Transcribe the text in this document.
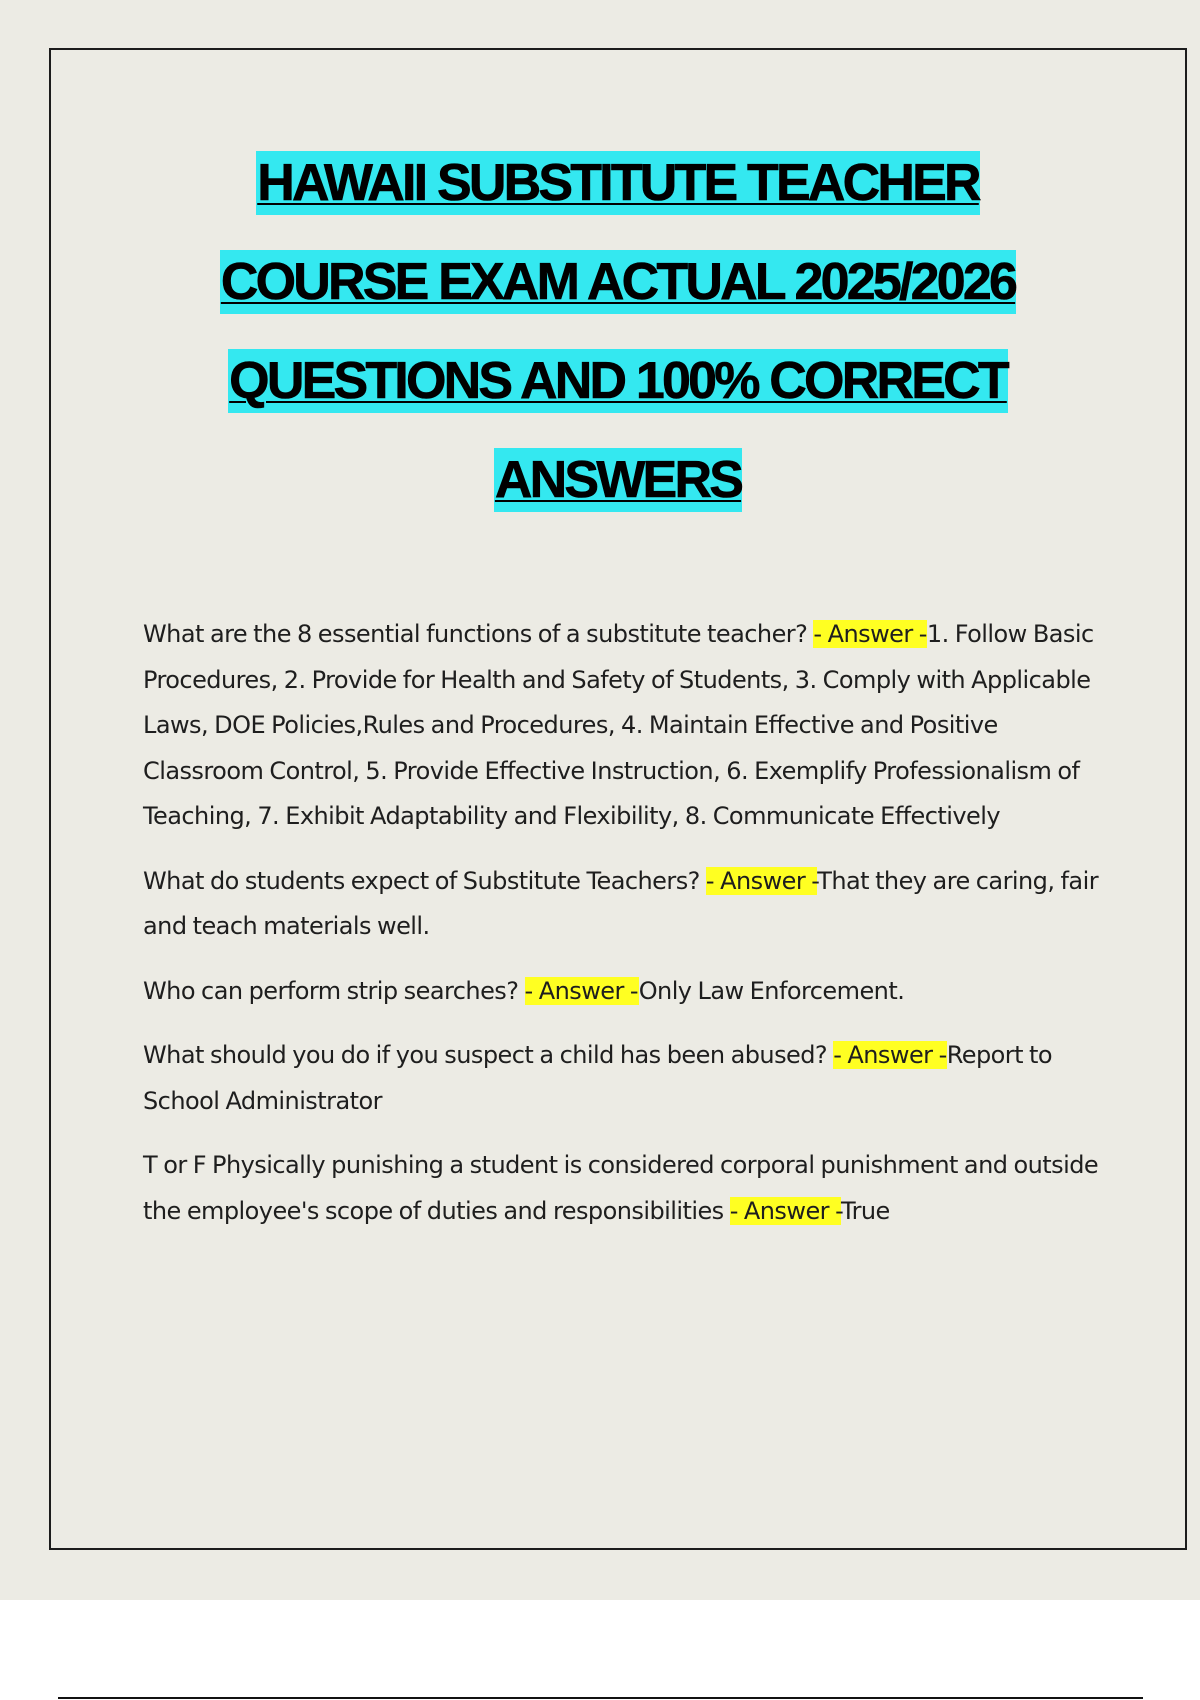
HAWAII SUBSTITUTE TEACHER
COURSE EXAM ACTUAL 2025/2026
QUESTIONS AND 100% CORRECT
ANSWERS

What are the 8 essential functions of a substitute teacher? - Answer -1. Follow Basic Procedures, 2. Provide for Health and Safety of Students, 3. Comply with Applicable Laws, DOE Policies,Rules and Procedures, 4. Maintain Effective and Positive Classroom Control, 5. Provide Effective Instruction, 6. Exemplify Professionalism of Teaching, 7. Exhibit Adaptability and Flexibility, 8. Communicate Effectively

What do students expect of Substitute Teachers? - Answer -That they are caring, fair and teach materials well.

Who can perform strip searches? - Answer -Only Law Enforcement.

What should you do if you suspect a child has been abused? - Answer -Report to School Administrator

T or F Physically punishing a student is considered corporal punishment and outside the employee's scope of duties and responsibilities - Answer -True
